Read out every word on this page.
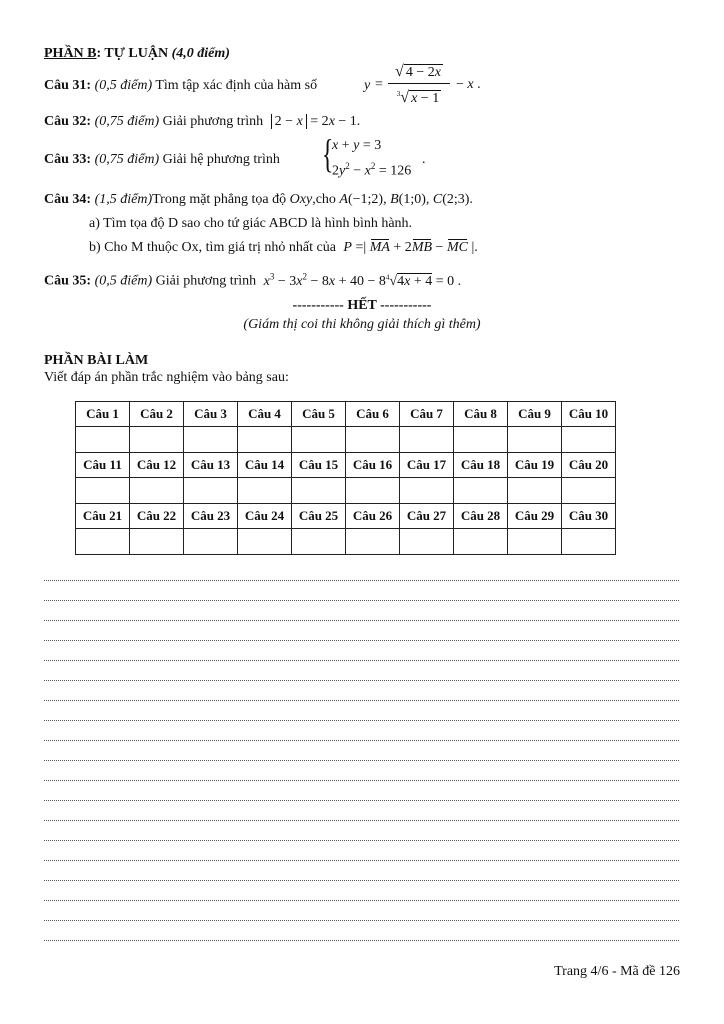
PHẦN B: TỰ LUẬN (4,0 điểm)
Câu 31: (0,5 điểm) Tìm tập xác định của hàm số	y =
√ 4 − 2x
$^3$√ x − 1
− x .
Câu 32: (0,75 điểm) Giải phương trình 2 − x = 2x − 1.
Câu 33: (0,75 điểm) Giải hệ phương trình {
x + y = 3
$2y^2 - x^2 = 126$
.
Câu 34: (1,5 điểm)Trong mặt phẳng tọa độ Oxy,cho A(−1;2), B(1;0), C(2;3).
a) Tìm tọa độ D sao cho tứ giác ABCD là hình bình hành.
b) Cho M thuộc Ox, tìm giá trị nhỏ nhất của P =| MA + 2MB − MC |.
Câu 35: (0,5 điểm) Giải phương trình $x^3 - 3x^2 - 8x + 40 - 8^4√4x + 4 = 0$ .
----------- HẾT -----------
(Giám thị coi thi không giải thích gì thêm)
PHẦN BÀI LÀM
Viết đáp án phần trắc nghiệm vào bảng sau:
Câu 1	Câu 2	Câu 3	Câu 4	Câu 5	Câu 6	Câu 7	Câu 8	Câu 9	Câu 10

Câu 11	Câu 12	Câu 13	Câu 14	Câu 15	Câu 16	Câu 17	Câu 18	Câu 19	Câu 20

Câu 21	Câu 22	Câu 23	Câu 24	Câu 25	Câu 26	Câu 27	Câu 28	Câu 29	Câu 30

Trang 4/6 - Mã đề 126
